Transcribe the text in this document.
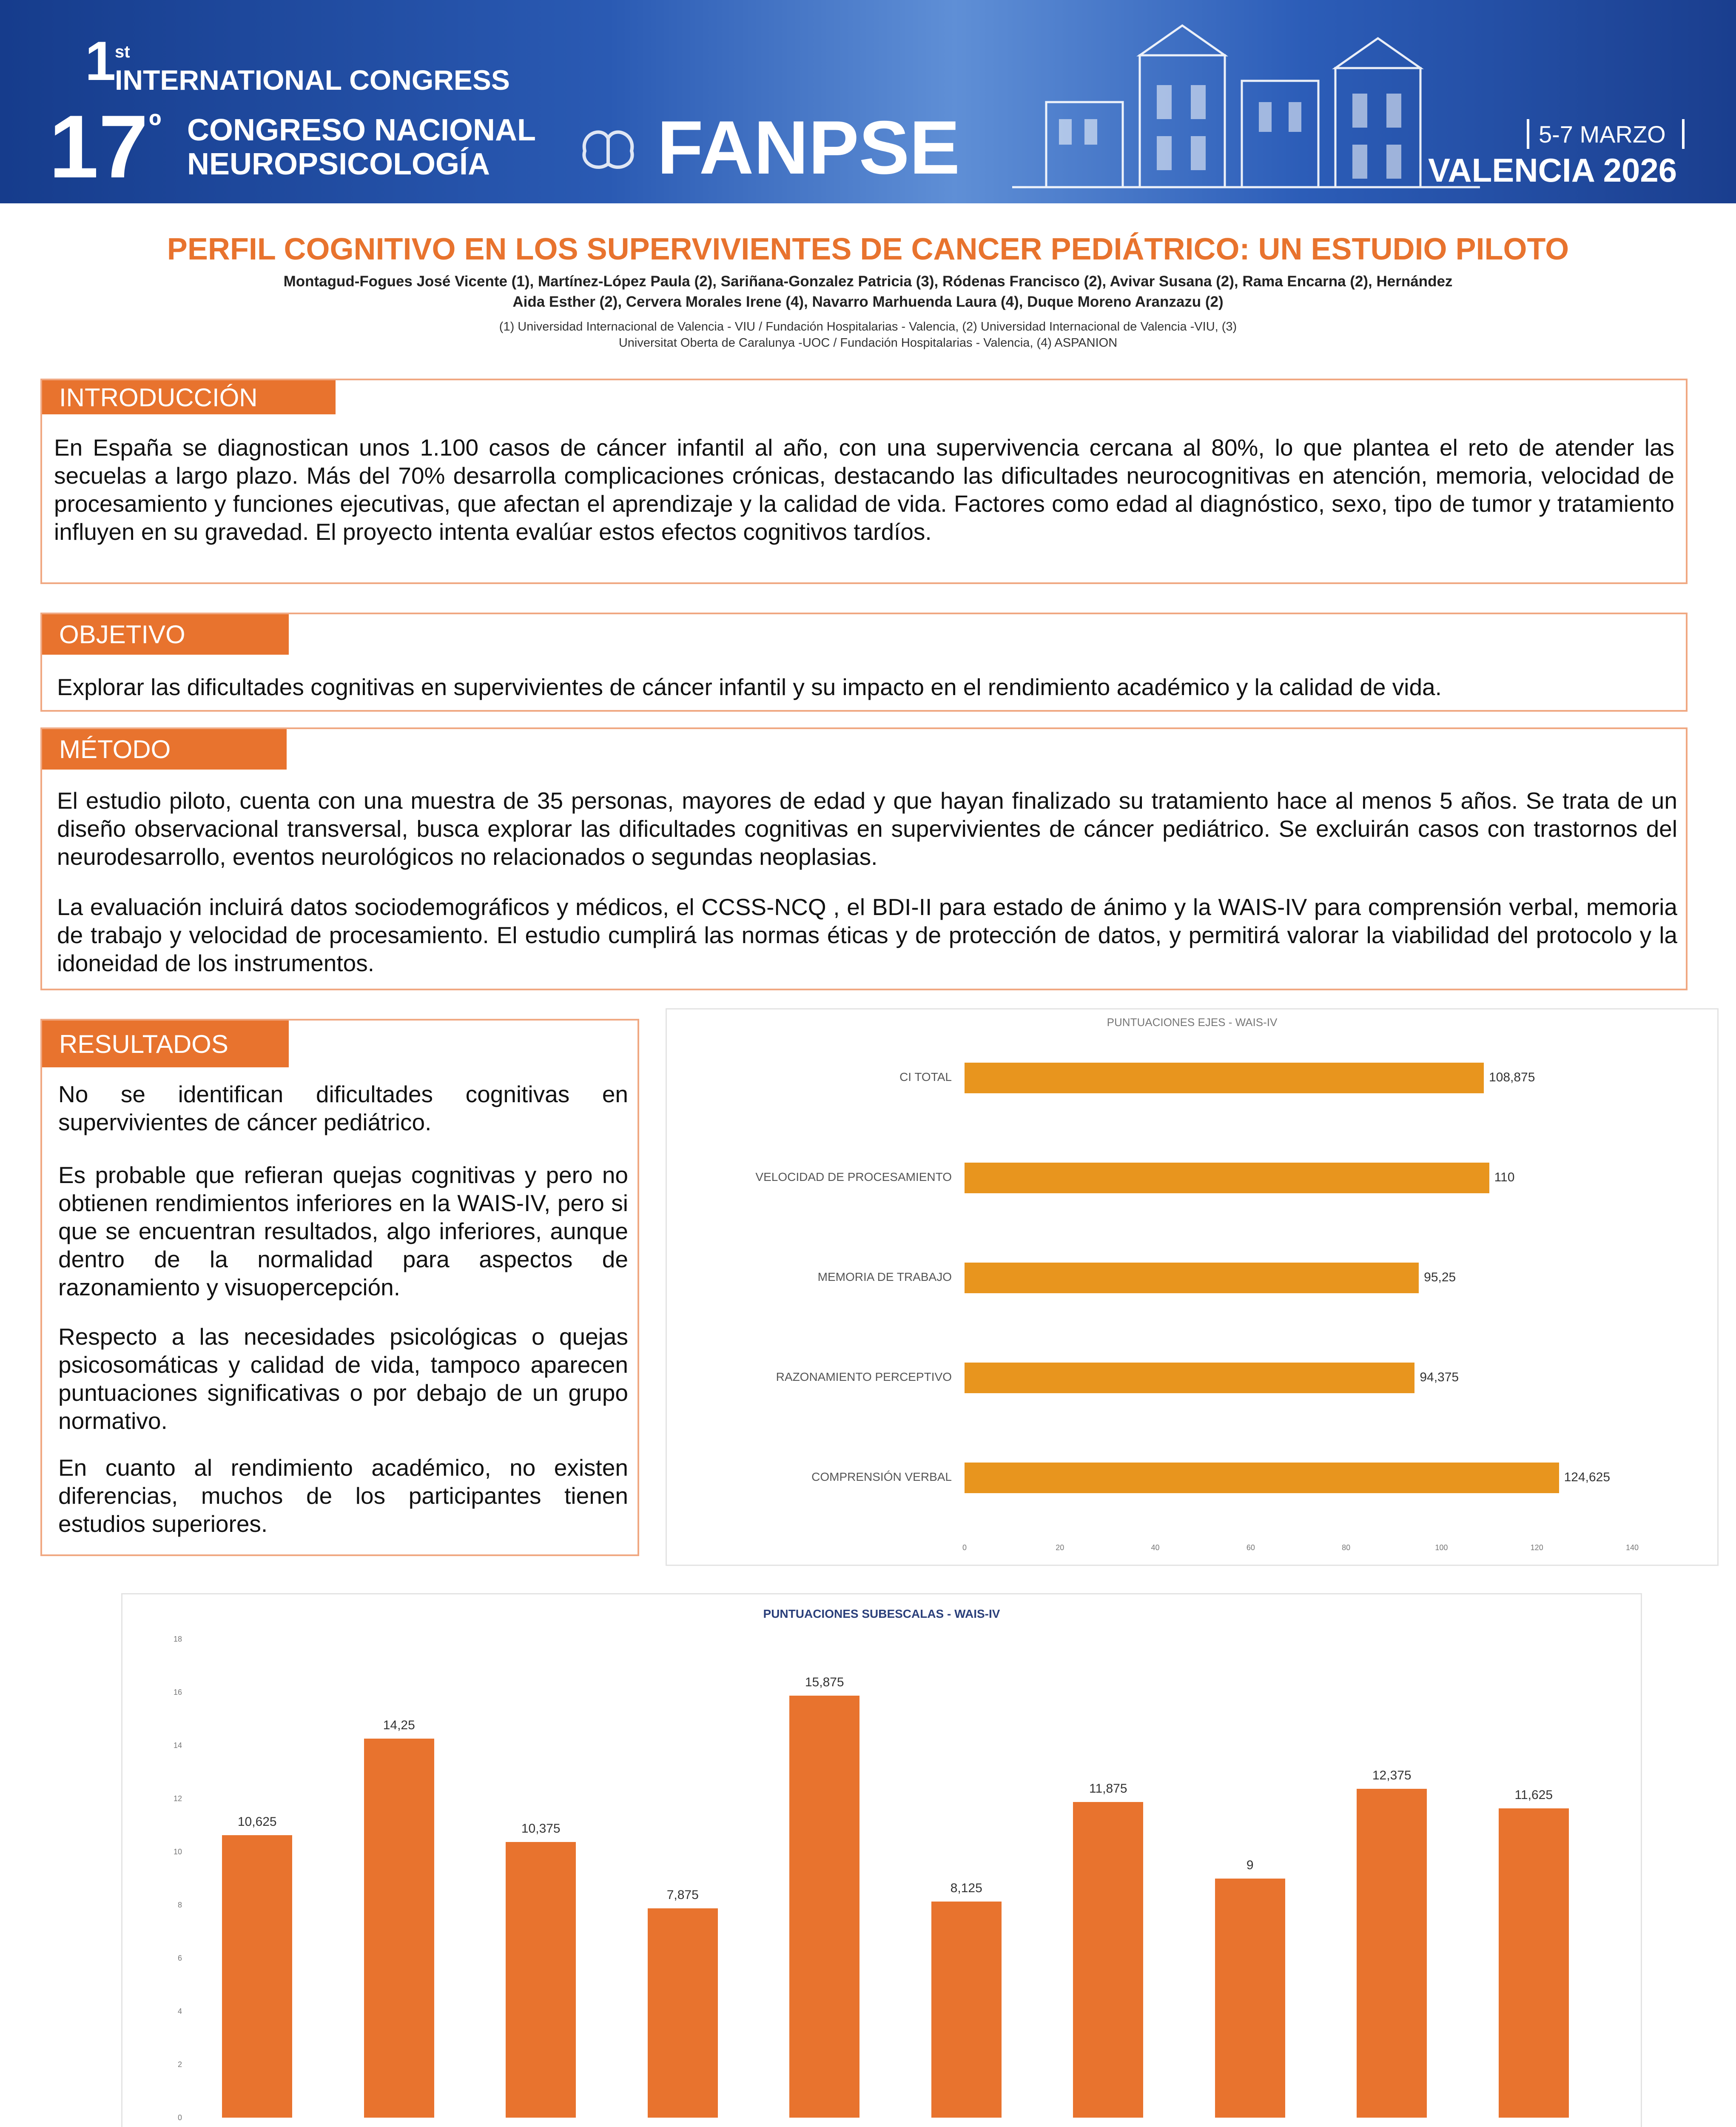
1
st
INTERNATIONAL CONGRESS
17 º CONGRESO NACIONAL
NEUROPSICOLOGÍA FANPSE	5-7 MARZO
VALENCIA 2026
PERFIL COGNITIVO EN LOS SUPERVIVIENTES DE CANCER PEDIÁTRICO: UN ESTUDIO PILOTO
Montagud-Fogues José Vicente (1), Martínez-López Paula (2), Sariñana-Gonzalez Patricia (3), Ródenas Francisco (2), Avivar Susana (2), Rama Encarna (2), Hernández
Aida Esther (2), Cervera Morales Irene (4), Navarro Marhuenda Laura (4), Duque Moreno Aranzazu (2)
(1) Universidad Internacional de Valencia - VIU / Fundación Hospitalarias - Valencia, (2) Universidad Internacional de Valencia -VIU, (3)
Universitat Oberta de Caralunya -UOC / Fundación Hospitalarias - Valencia, (4) ASPANION
INTRODUCCIÓN
En España se diagnostican unos 1.100 casos de cáncer infantil al año, con una supervivencia cercana al 80%, lo que plantea el reto de atender las secuelas a largo plazo. Más del 70% desarrolla complicaciones crónicas, destacando las dificultades neurocognitivas en atención, memoria, velocidad de procesamiento y funciones ejecutivas, que afectan el aprendizaje y la calidad de vida. Factores como edad al diagnóstico, sexo, tipo de tumor y tratamiento influyen en su gravedad. El proyecto intenta evalúar estos efectos cognitivos tardíos.
OBJETIVO
Explorar las dificultades cognitivas en supervivientes de cáncer infantil y su impacto en el rendimiento académico y la calidad de vida.
MÉTODO
El estudio piloto, cuenta con una muestra de 35 personas, mayores de edad y que hayan finalizado su tratamiento hace al menos 5 años. Se trata de un diseño observacional transversal, busca explorar las dificultades cognitivas en supervivientes de cáncer pediátrico. Se excluirán casos con trastornos del neurodesarrollo, eventos neurológicos no relacionados o segundas neoplasias.
La evaluación incluirá datos sociodemográficos y médicos, el CCSS-NCQ , el BDI-II para estado de ánimo y la WAIS-IV para comprensión verbal, memoria de trabajo y velocidad de procesamiento. El estudio cumplirá las normas éticas y de protección de datos, y permitirá valorar la viabilidad del protocolo y la idoneidad de los instrumentos.
RESULTADOS
No se identifican dificultades cognitivas en supervivientes de cáncer pediátrico.
Es probable que refieran quejas cognitivas y pero no obtienen rendimientos inferiores en la WAIS-IV, pero si que se encuentran resultados, algo inferiores, aunque dentro de la normalidad para aspectos de razonamiento y visuopercepción.
Respecto a las necesidades psicológicas o quejas psicosomáticas y calidad de vida, tampoco aparecen puntuaciones significativas o por debajo de un grupo normativo.
En cuanto al rendimiento académico, no existen diferencias, muchos de los participantes tienen estudios superiores.
PUNTUACIONES EJES - WAIS-IV
CI TOTAL	108,875
VELOCIDAD DE PROCESAMIENTO	110
MEMORIA DE TRABAJO	95,25
RAZONAMIENTO PERCEPTIVO	94,375
COMPRENSIÓN VERBAL	124,625
0	20	40	60	80	100	120	140
PUNTUACIONES SUBESCALAS - WAIS-IV
0
2
4
6
8
10
12
14
16
18
10,625
14,25
10,375
7,875
15,875
8,125
11,875
9
12,375
11,625
